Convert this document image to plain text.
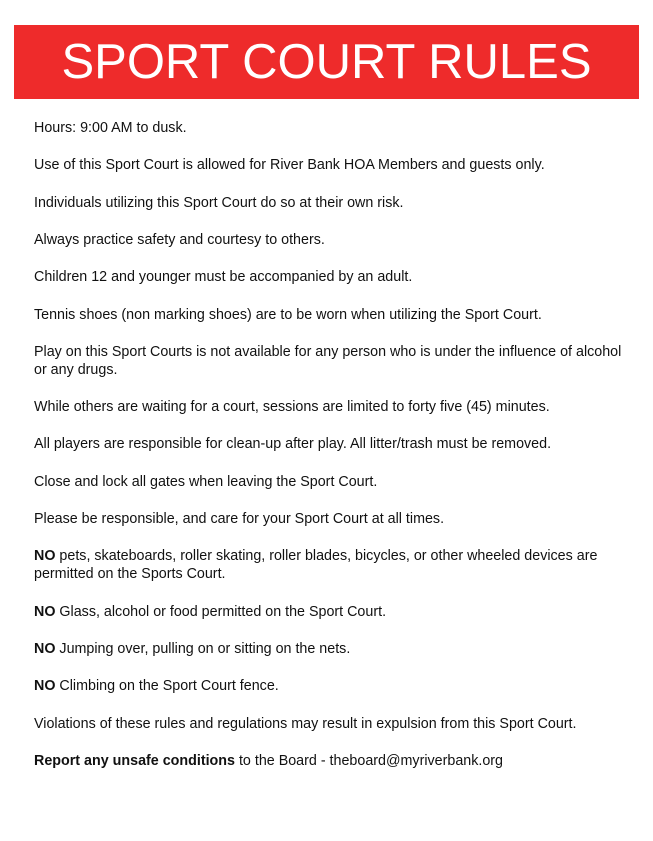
SPORT COURT RULES
Hours: 9:00 AM to dusk.
Use of this Sport Court is allowed for River Bank HOA Members and guests only.
Individuals utilizing this Sport Court do so at their own risk.
Always practice safety and courtesy to others.
Children 12 and younger must be accompanied by an adult.
Tennis shoes (non marking shoes) are to be worn when utilizing the Sport Court.
Play on this Sport Courts is not available for any person who is under the influence of alcohol or any drugs.
While others are waiting for a court, sessions are limited to forty five (45) minutes.
All players are responsible for clean-up after play. All litter/trash must be removed.
Close and lock all gates when leaving the Sport Court.
Please be responsible, and care for your Sport Court at all times.
NO pets, skateboards, roller skating, roller blades, bicycles, or other wheeled devices are permitted on the Sports Court.
NO Glass, alcohol or food permitted on the Sport Court.
NO Jumping over, pulling on or sitting on the nets.
NO Climbing on the Sport Court fence.
Violations of these rules and regulations may result in expulsion from this Sport Court.
Report any unsafe conditions to the Board - theboard@myriverbank.org
